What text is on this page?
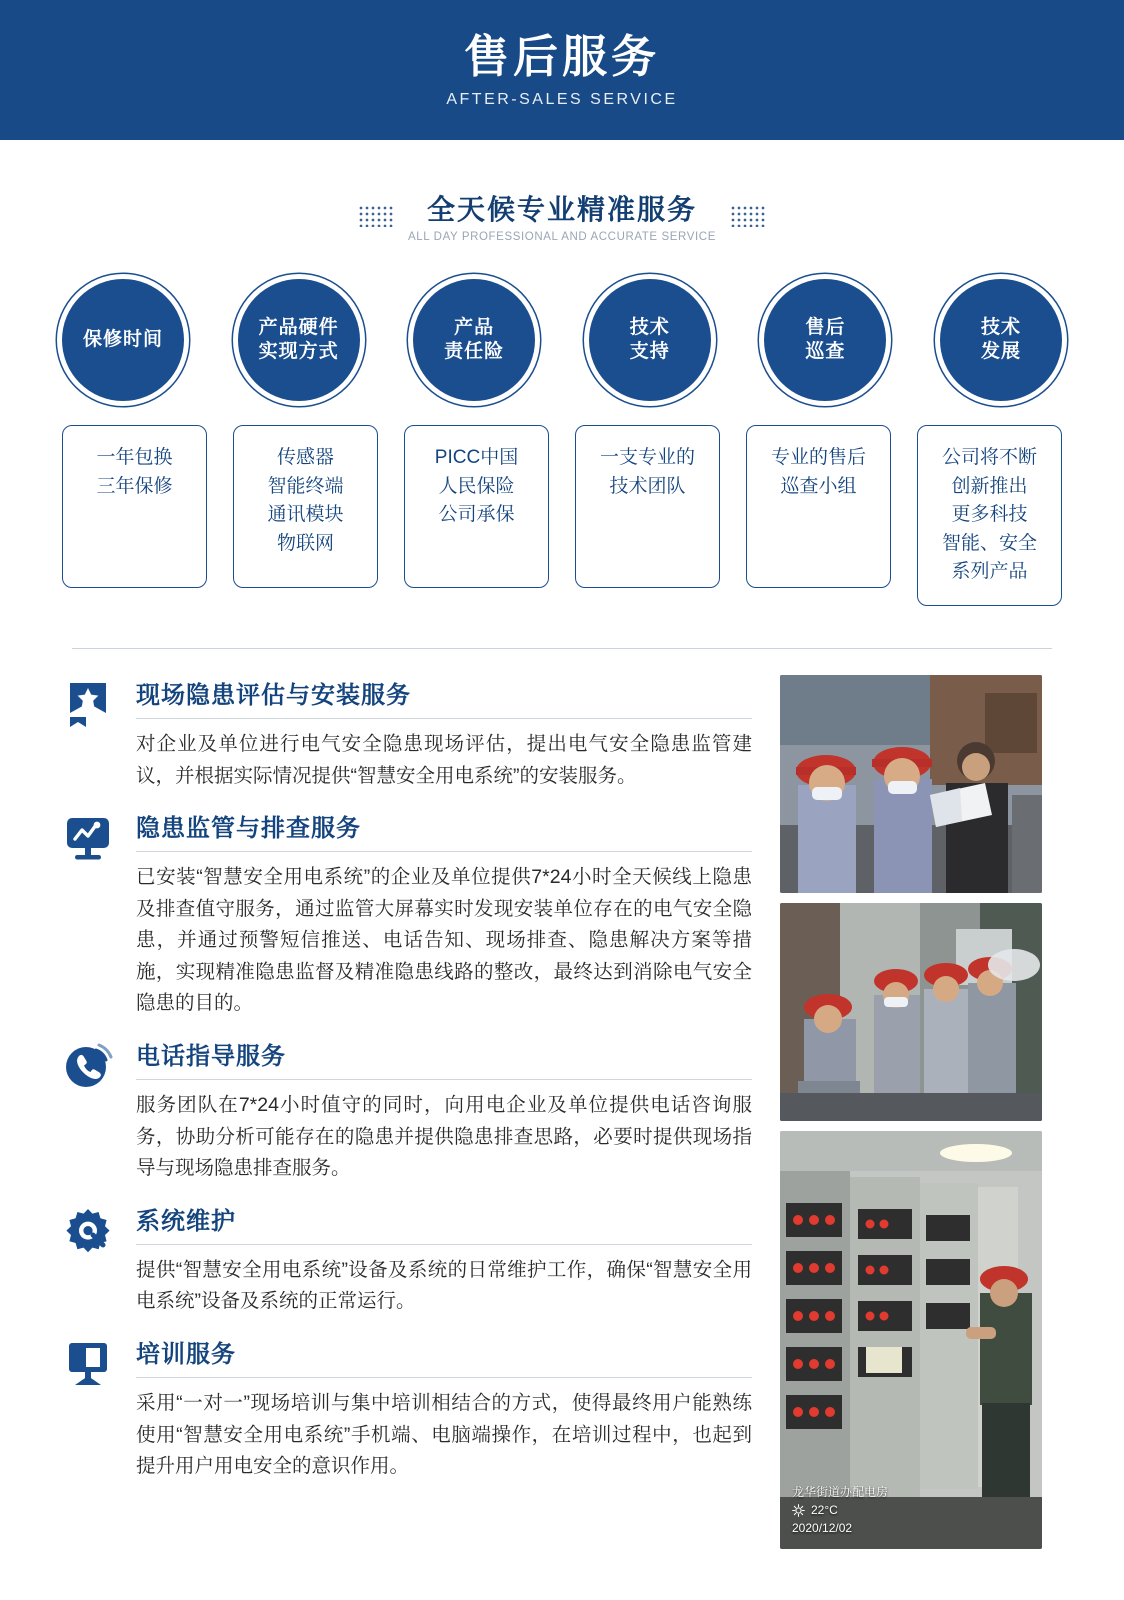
售后服务
AFTER-SALES SERVICE
全天候专业精准服务
ALL DAY PROFESSIONAL AND ACCURATE SERVICE
保修时间
产品硬件
实现方式
产品
责任险
技术
支持
售后
巡查
技术
发展
一年包换
三年保修
传感器
智能终端
通讯模块
物联网
PICC中国
人民保险
公司承保
一支专业的
技术团队
专业的售后
巡查小组
公司将不断
创新推出
更多科技
智能、安全
系列产品
现场隐患评估与安装服务
对企业及单位进行电气安全隐患现场评估，提出电气安全隐患监管建议，并根据实际情况提供“智慧安全用电系统”的安装服务。
隐患监管与排查服务
已安装“智慧安全用电系统”的企业及单位提供7*24小时全天候线上隐患及排查值守服务，通过监管大屏幕实时发现安装单位存在的电气安全隐患，并通过预警短信推送、电话告知、现场排查、隐患解决方案等措施，实现精准隐患监督及精准隐患线路的整改，最终达到消除电气安全隐患的目的。
电话指导服务
服务团队在7*24小时值守的同时，向用电企业及单位提供电话咨询服务，协助分析可能存在的隐患并提供隐患排查思路，必要时提供现场指导与现场隐患排查服务。
系统维护
提供“智慧安全用电系统”设备及系统的日常维护工作，确保“智慧安全用电系统”设备及系统的正常运行。
培训服务
采用“一对一”现场培训与集中培训相结合的方式，使得最终用户能熟练使用“智慧安全用电系统”手机端、电脑端操作，在培训过程中，也起到提升用户用电安全的意识作用。
龙华街道办配电房
22°C
2020/12/02
